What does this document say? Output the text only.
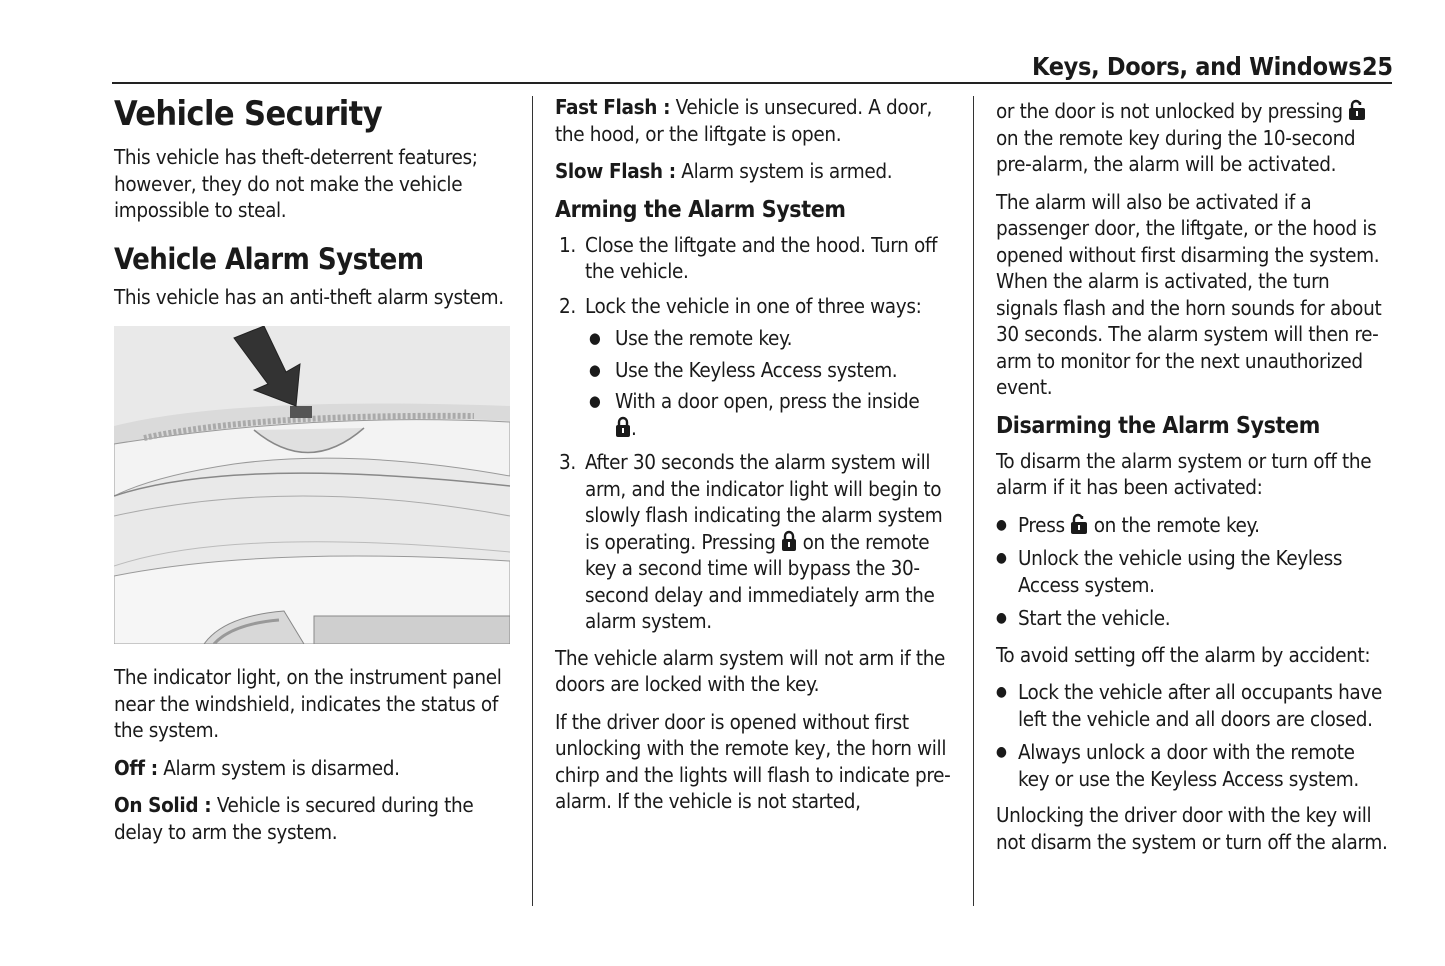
Keys, Doors, and Windows 25
Vehicle Security

This vehicle has theft-deterrent features; however, they do not make the vehicle impossible to steal.

Vehicle Alarm System

This vehicle has an anti-theft alarm system.

The indicator light, on the instrument panel near the windshield, indicates the status of the system.

Off : Alarm system is disarmed.

On Solid : Vehicle is secured during the delay to arm the system.

Fast Flash : Vehicle is unsecured. A door, the hood, or the liftgate is open.

Slow Flash : Alarm system is armed.

Arming the Alarm System
1. Close the liftgate and the hood. Turn off the vehicle.
2. Lock the vehicle in one of three ways:
● Use the remote key.
● Use the Keyless Access system.
● With a door open, press the inside
.
3. After 30 seconds the alarm system will arm, and the indicator light will begin to slowly flash indicating the alarm system is operating. Pressing  on the remote key a second time will bypass the 30-second delay and immediately arm the alarm system.

The vehicle alarm system will not arm if the doors are locked with the key.

If the driver door is opened without first unlocking with the remote key, the horn will chirp and the lights will flash to indicate pre-alarm. If the vehicle is not started,

or the door is not unlocked by pressing  on the remote key during the 10-second pre-alarm, the alarm will be activated.

The alarm will also be activated if a passenger door, the liftgate, or the hood is opened without first disarming the system. When the alarm is activated, the turn signals flash and the horn sounds for about 30 seconds. The alarm system will then re-arm to monitor for the next unauthorized event.

Disarming the Alarm System

To disarm the alarm system or turn off the alarm if it has been activated:

● Press  on the remote key.
● Unlock the vehicle using the Keyless Access system.
● Start the vehicle.

To avoid setting off the alarm by accident:

● Lock the vehicle after all occupants have left the vehicle and all doors are closed.
● Always unlock a door with the remote key or use the Keyless Access system.

Unlocking the driver door with the key will not disarm the system or turn off the alarm.
